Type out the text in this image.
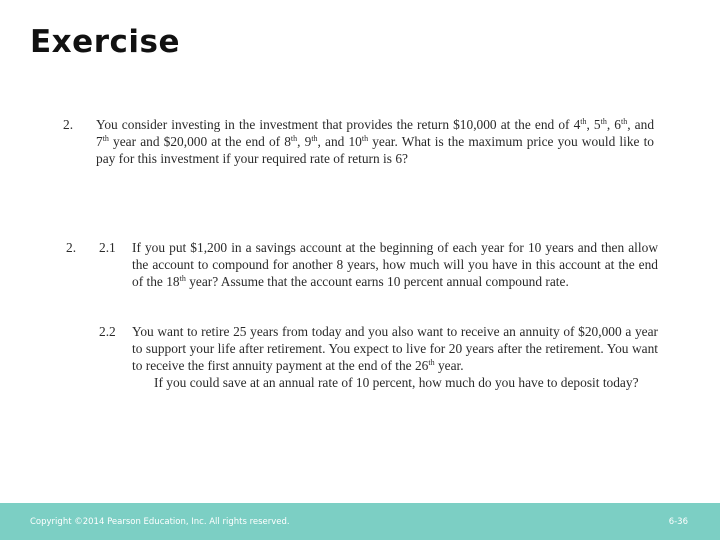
Exercise
2. You consider investing in the investment that provides the return $10,000 at the end of 4th, 5th, 6th, and 7th year and $20,000 at the end of 8th, 9th, and 10th year. What is the maximum price you would like to pay for this investment if your required rate of return is 6?
2. 2.1 If you put $1,200 in a savings account at the beginning of each year for 10 years and then allow the account to compound for another 8 years, how much will you have in this account at the end of the 18th year? Assume that the account earns 10 percent annual compound rate.
2.2 You want to retire 25 years from today and you also want to receive an annuity of $20,000 a year to support your life after retirement. You expect to live for 20 years after the retirement. You want to receive the first annuity payment at the end of the 26th year.
If you could save at an annual rate of 10 percent, how much do you have to deposit today?
Copyright ©2014 Pearson Education, Inc. All rights reserved.	6-36
